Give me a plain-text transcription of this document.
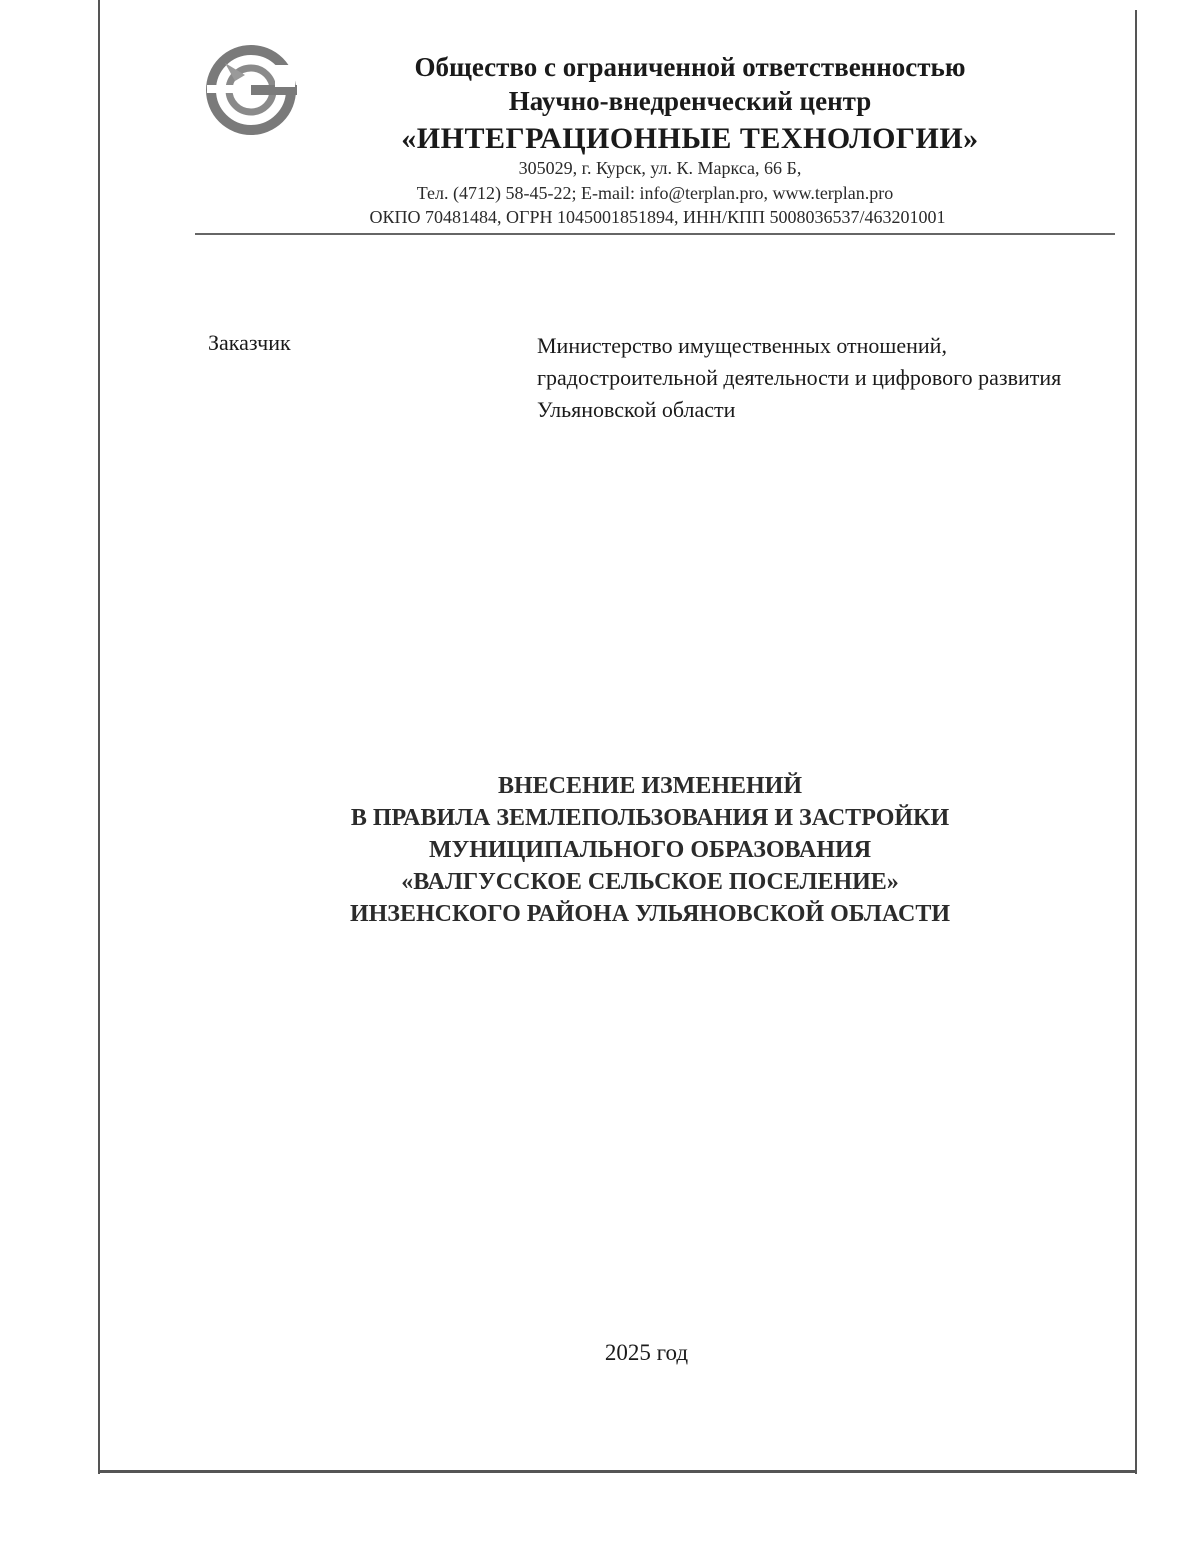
Общество с ограниченной ответственностью
Научно-внедренческий центр
«ИНТЕГРАЦИОННЫЕ ТЕХНОЛОГИИ»
305029, г. Курск, ул. К. Маркса, 66 Б,
Тел. (4712) 58-45-22; E-mail: info@terplan.pro, www.terplan.pro
ОКПО 70481484, ОГРН 1045001851894, ИНН/КПП 5008036537/463201001
Заказчик	Министерство имущественных отношений, градостроительной деятельности и цифрового развития Ульяновской области
ВНЕСЕНИЕ ИЗМЕНЕНИЙ
В ПРАВИЛА ЗЕМЛЕПОЛЬЗОВАНИЯ И ЗАСТРОЙКИ
МУНИЦИПАЛЬНОГО ОБРАЗОВАНИЯ
«ВАЛГУССКОЕ СЕЛЬСКОЕ ПОСЕЛЕНИЕ»
ИНЗЕНСКОГО РАЙОНА УЛЬЯНОВСКОЙ ОБЛАСТИ
2025 год
